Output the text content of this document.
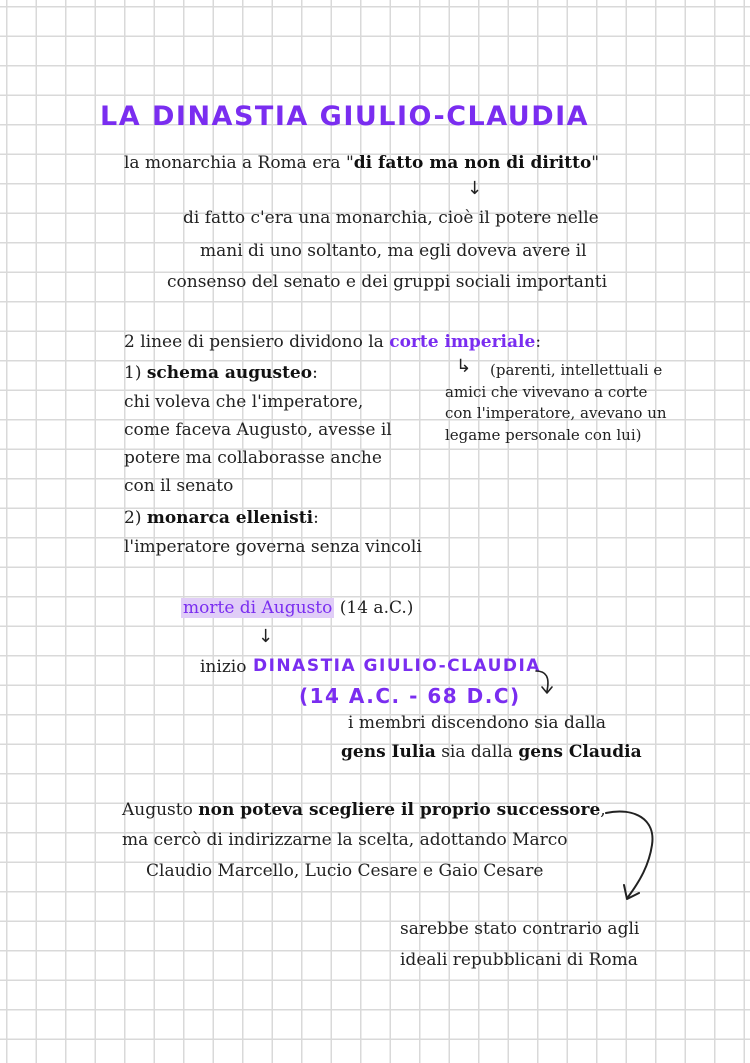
LA DINASTIA GIULIO-CLAUDIA
la monarchia a Roma era "di fatto ma non di diritto"
↓
di fatto c'era una monarchia, cioè il potere nelle
mani di uno soltanto, ma egli doveva avere il
consenso del senato e dei gruppi sociali importanti
2 linee di pensiero dividono la corte imperiale:
↳ (parenti, intellettuali e
amici che vivevano a corte
con l'imperatore, avevano un
legame personale con lui)
1) schema augusteo:
chi voleva che l'imperatore,
come faceva Augusto, avesse il
potere ma collaborasse anche
con il senato
2) monarca ellenisti:
l'imperatore governa senza vincoli
morte di Augusto (14 a.C.)
↓
inizio DINASTIA GIULIO-CLAUDIA
(14 A.C. - 68 D.C)
i membri discendono sia dalla
gens Iulia sia dalla gens Claudia
Augusto non poteva scegliere il proprio successore,
ma cercò di indirizzarne la scelta, adottando Marco
Claudio Marcello, Lucio Cesare e Gaio Cesare
sarebbe stato contrario agli
ideali repubblicani di Roma
